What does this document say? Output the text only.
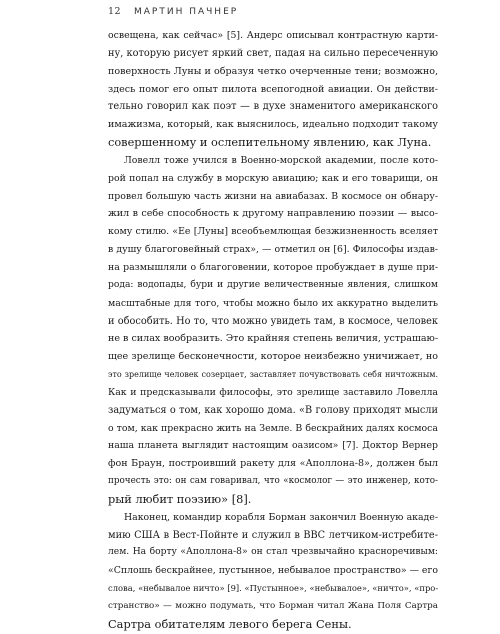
12 МАРТИН ПАЧНЕР
освещена, как сейчас» [5]. Андерс описывал контрастную карти-
ну, которую рисует яркий свет, падая на сильно пересеченную
поверхность Луны и образуя четко очерченные тени; возможно,
здесь помог его опыт пилота всепогодной авиации. Он действи-
тельно говорил как поэт — в духе знаменитого американского
имажизма, который, как выяснилось, идеально подходит такому
совершенному и ослепительному явлению, как Луна.
Ловелл тоже учился в Военно-морской академии, после кото-
рой попал на службу в морскую авиацию; как и его товарищи, он
провел большую часть жизни на авиабазах. В космосе он обнару-
жил в себе способность к другому направлению поэзии — высо-
кому стилю. «Ее [Луны] всеобъемлющая безжизненность вселяет
в душу благоговейный страх», — отметил он [6]. Философы издав-
на размышляли о благоговении, которое пробуждает в душе при-
рода: водопады, бури и другие величественные явления, слишком
масштабные для того, чтобы можно было их аккуратно выделить
и обособить. Но то, что можно увидеть там, в космосе, человек
не в силах вообразить. Это крайняя степень величия, устрашаю-
щее зрелище бесконечности, которое неизбежно уничижает, но
это зрелище человек созерцает, заставляет почувствовать себя ничтожным.
Как и предсказывали философы, это зрелище заставило Ловелла
задуматься о том, как хорошо дома. «В голову приходят мысли
о том, как прекрасно жить на Земле. В бескрайних далях космоса
наша планета выглядит настоящим оазисом» [7]. Доктор Вернер
фон Браун, построивший ракету для «Аполлона-8», должен был
прочесть это: он сам говаривал, что «космолог — это инженер, кото-
рый любит поэзию» [8].
Наконец, командир корабля Борман закончил Военную акаде-
мию США в Вест-Пойнте и служил в ВВС летчиком-истребите-
лем. На борту «Аполлона-8» он стал чрезвычайно красноречивым:
«Сплошь бескрайнее, пустынное, небывалое пространство» — его
слова, «небывалое ничто» [9]. «Пустынное», «небывалое», «ничто», «про-
странство» — можно подумать, что Борман читал Жана Поля Сартра
Сартра обитателям левого берега Сены.
